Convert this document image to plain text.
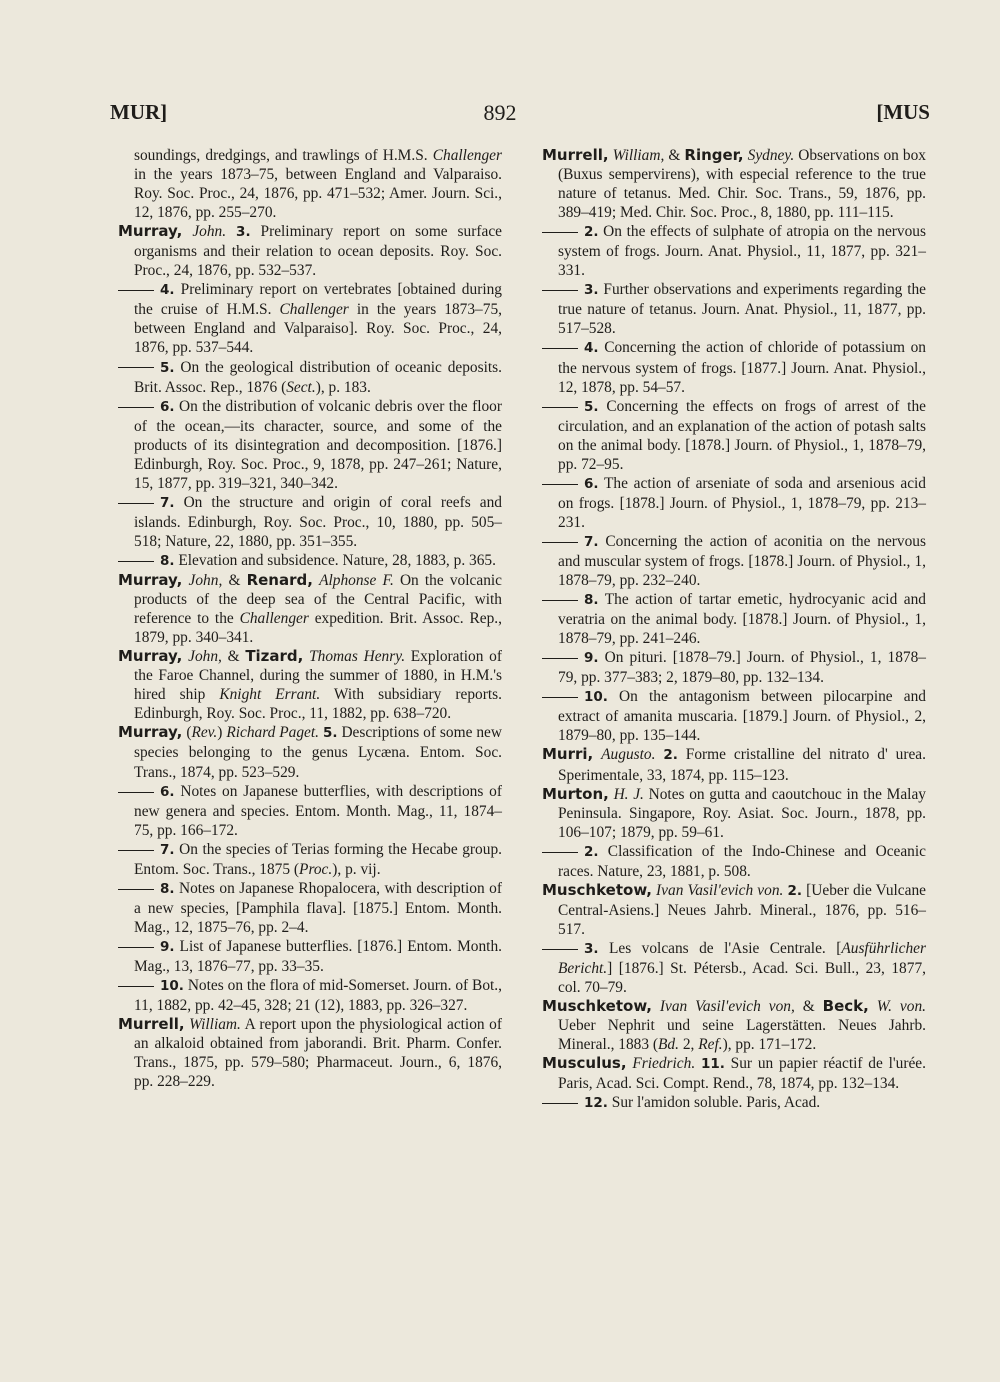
MUR]	892	[MUS

soundings, dredgings, and trawlings of H.M.S. Challenger in the years 1873–75, between England and Valparaiso. Roy. Soc. Proc., 24, 1876, pp. 471–532; Amer. Journ. Sci., 12, 1876, pp. 255–270.

Murray, John. 3. Preliminary report on some surface organisms and their relation to ocean deposits. Roy. Soc. Proc., 24, 1876, pp. 532–537.

4. Preliminary report on vertebrates [obtained during the cruise of H.M.S. Challenger in the years 1873–75, between England and Valparaiso]. Roy. Soc. Proc., 24, 1876, pp. 537–544.

5. On the geological distribution of oceanic deposits. Brit. Assoc. Rep., 1876 (Sect.), p. 183.

6. On the distribution of volcanic debris over the floor of the ocean,—its character, source, and some of the products of its disintegration and decomposition. [1876.] Edinburgh, Roy. Soc. Proc., 9, 1878, pp. 247–261; Nature, 15, 1877, pp. 319–321, 340–342.

7. On the structure and origin of coral reefs and islands. Edinburgh, Roy. Soc. Proc., 10, 1880, pp. 505–518; Nature, 22, 1880, pp. 351–355.

8. Elevation and subsidence. Nature, 28, 1883, p. 365.

Murray, John, & Renard, Alphonse F. On the volcanic products of the deep sea of the Central Pacific, with reference to the Challenger expedition. Brit. Assoc. Rep., 1879, pp. 340–341.

Murray, John, & Tizard, Thomas Henry. Exploration of the Faroe Channel, during the summer of 1880, in H.M.'s hired ship Knight Errant. With subsidiary reports. Edinburgh, Roy. Soc. Proc., 11, 1882, pp. 638–720.

Murray, (Rev.) Richard Paget. 5. Descriptions of some new species belonging to the genus Lycæna. Entom. Soc. Trans., 1874, pp. 523–529.

6. Notes on Japanese butterflies, with descriptions of new genera and species. Entom. Month. Mag., 11, 1874–75, pp. 166–172.

7. On the species of Terias forming the Hecabe group. Entom. Soc. Trans., 1875 (Proc.), p. vij.

8. Notes on Japanese Rhopalocera, with description of a new species, [Pamphila flava]. [1875.] Entom. Month. Mag., 12, 1875–76, pp. 2–4.

9. List of Japanese butterflies. [1876.] Entom. Month. Mag., 13, 1876–77, pp. 33–35.

10. Notes on the flora of mid-Somerset. Journ. of Bot., 11, 1882, pp. 42–45, 328; 21 (12), 1883, pp. 326–327.

Murrell, William. A report upon the physiological action of an alkaloid obtained from jaborandi. Brit. Pharm. Confer. Trans., 1875, pp. 579–580; Pharmaceut. Journ., 6, 1876, pp. 228–229.

Murrell, William, & Ringer, Sydney. Observations on box (Buxus sempervirens), with especial reference to the true nature of tetanus. Med. Chir. Soc. Trans., 59, 1876, pp. 389–419; Med. Chir. Soc. Proc., 8, 1880, pp. 111–115.

2. On the effects of sulphate of atropia on the nervous system of frogs. Journ. Anat. Physiol., 11, 1877, pp. 321–331.

3. Further observations and experiments regarding the true nature of tetanus. Journ. Anat. Physiol., 11, 1877, pp. 517–528.

4. Concerning the action of chloride of potassium on the nervous system of frogs. [1877.] Journ. Anat. Physiol., 12, 1878, pp. 54–57.

5. Concerning the effects on frogs of arrest of the circulation, and an explanation of the action of potash salts on the animal body. [1878.] Journ. of Physiol., 1, 1878–79, pp. 72–95.

6. The action of arseniate of soda and arsenious acid on frogs. [1878.] Journ. of Physiol., 1, 1878–79, pp. 213–231.

7. Concerning the action of aconitia on the nervous and muscular system of frogs. [1878.] Journ. of Physiol., 1, 1878–79, pp. 232–240.

8. The action of tartar emetic, hydrocyanic acid and veratria on the animal body. [1878.] Journ. of Physiol., 1, 1878–79, pp. 241–246.

9. On pituri. [1878–79.] Journ. of Physiol., 1, 1878–79, pp. 377–383; 2, 1879–80, pp. 132–134.

10. On the antagonism between pilocarpine and extract of amanita muscaria. [1879.] Journ. of Physiol., 2, 1879–80, pp. 135–144.

Murri, Augusto. 2. Forme cristalline del nitrato d' urea. Sperimentale, 33, 1874, pp. 115–123.

Murton, H. J. Notes on gutta and caoutchouc in the Malay Peninsula. Singapore, Roy. Asiat. Soc. Journ., 1878, pp. 106–107; 1879, pp. 59–61.

2. Classification of the Indo-Chinese and Oceanic races. Nature, 23, 1881, p. 508.

Muschketow, Ivan Vasil'evich von. 2. [Ueber die Vulcane Central-Asiens.] Neues Jahrb. Mineral., 1876, pp. 516–517.

3. Les volcans de l'Asie Centrale. [Ausführlicher Bericht.] [1876.] St. Pétersb., Acad. Sci. Bull., 23, 1877, col. 70–79.

Muschketow, Ivan Vasil'evich von, & Beck, W. von. Ueber Nephrit und seine Lagerstätten. Neues Jahrb. Mineral., 1883 (Bd. 2, Ref.), pp. 171–172.

Musculus, Friedrich. 11. Sur un papier réactif de l'urée. Paris, Acad. Sci. Compt. Rend., 78, 1874, pp. 132–134.

12. Sur l'amidon soluble. Paris, Acad.
